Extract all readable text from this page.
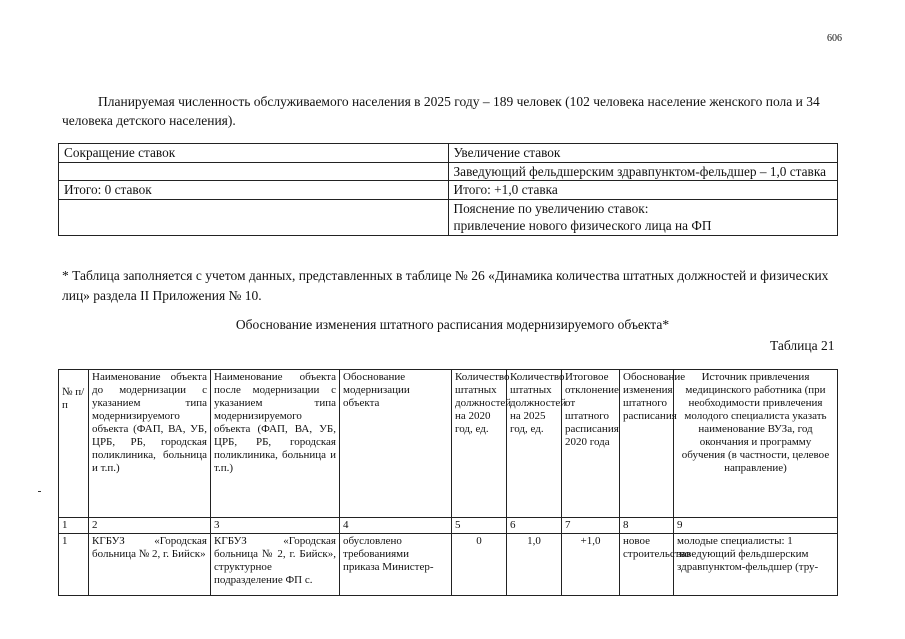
606
Планируемая численность обслуживаемого населения в 2025 году – 189 человек (102 человека население женского пола и 34 человека детского населения).
Сокращение ставок	Увеличение ставок
	Заведующий фельдшерским здравпунктом-фельдшер – 1,0 ставка
Итого: 0 ставок	Итого: +1,0 ставка

	Пояснение по увеличению ставок:
привлечение нового физического лица на ФП
* Таблица заполняется с учетом данных, представленных в таблице № 26 «Динамика количества штатных должностей и физических лиц» раздела II Приложения № 10.
Обоснование изменения штатного расписания модернизируемого объекта*
Таблица 21
№ п/п	Наименование объекта до модернизации с указанием типа модернизируемого объекта (ФАП, ВА, УБ, ЦРБ, РБ, городская поликлиника, больница и т.п.)	Наименование объекта после модернизации с указанием типа модернизируемого объекта (ФАП, ВА, УБ, ЦРБ, РБ, городская поликлиника, больница и т.п.)	Обоснование модернизации объекта	Количество штатных должностей на 2020 год, ед.	Количество штатных должностей на 2025 год, ед.	Итоговое отклонение от штатного расписания 2020 года	Обоснование изменения штатного расписания	Источник привлечения медицинского работника (при необходимости привлечения молодого специалиста указать наименование ВУЗа, год окончания и программу обучения (в частности, целевое направление)
1	2	3	4	5	6	7	8	9
1	КГБУЗ «Городская больница № 2, г. Бийск»	КГБУЗ «Городская больница № 2, г. Бийск», структурное подразделение ФП с.	обусловлено требованиями приказа Министер-	0	1,0	+1,0	новое строительство	молодые специалисты: 1 заведующий фельдшерским здравпунктом-фельдшер (тру-
